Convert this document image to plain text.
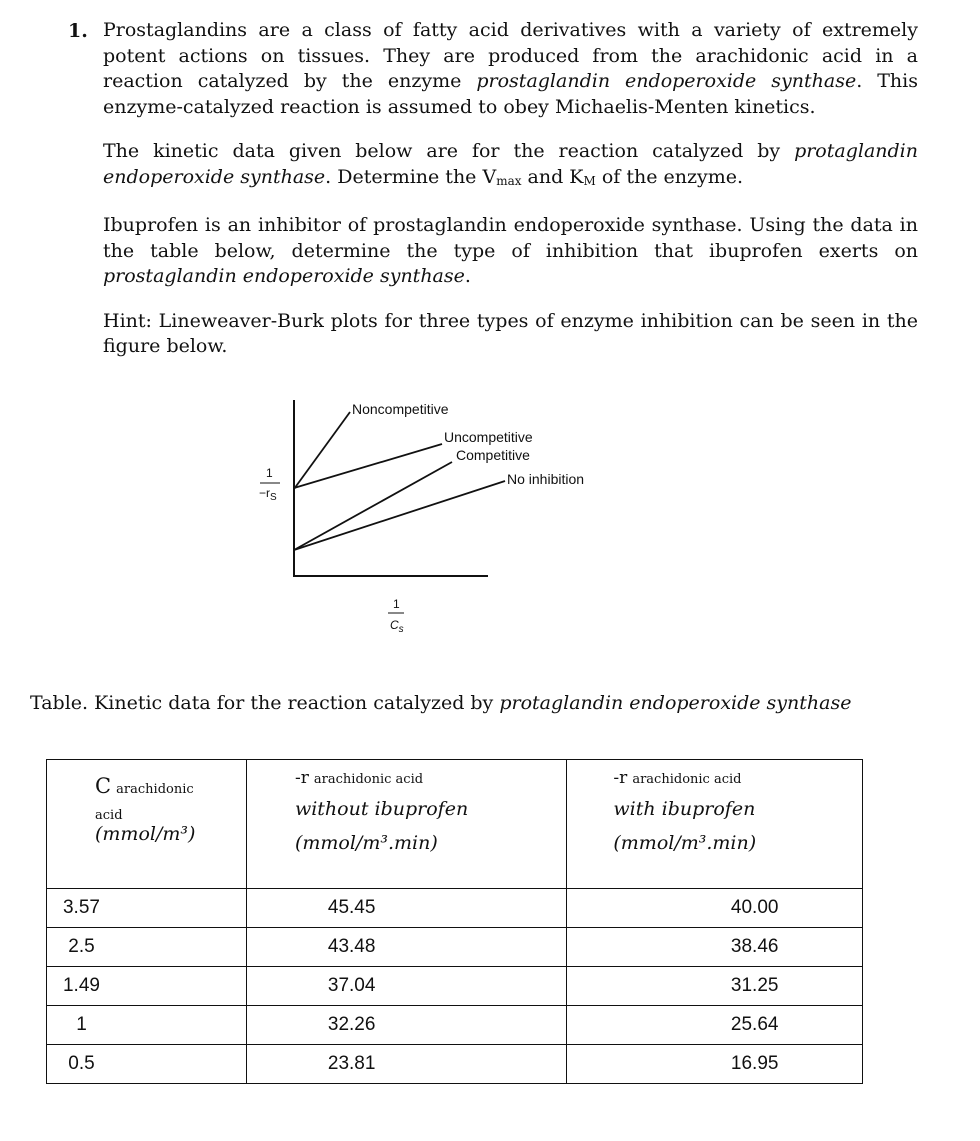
1. Prostaglandins are a class of fatty acid derivatives with a variety of extremely potent actions on tissues. They are produced from the arachidonic acid in a reaction catalyzed by the enzyme prostaglandin endoperoxide synthase. This enzyme-catalyzed reaction is assumed to obey Michaelis-Menten kinetics.

The kinetic data given below are for the reaction catalyzed by protaglandin endoperoxide synthase. Determine the $V_{max}$ and $K_M$ of the enzyme.

Ibuprofen is an inhibitor of prostaglandin endoperoxide synthase. Using the data in the table below, determine the type of inhibition that ibuprofen exerts on prostaglandin endoperoxide synthase.

Hint: Lineweaver-Burk plots for three types of enzyme inhibition can be seen in the figure below.

Noncompetitive
Uncompetitive
Competitive
No inhibition
1
$-r_S$
1
$C_s$
Table. Kinetic data for the reaction catalyzed by protaglandin endoperoxide synthase
C arachidonic
acid
(mmol/m³)	-r arachidonic acid
without ibuprofen
(mmol/m³.min)	-r arachidonic acid
with ibuprofen
(mmol/m³.min)

3.57	45.45	40.00
2.5	43.48	38.46
1.49	37.04	31.25
1	32.26	25.64
0.5	23.81	16.95
